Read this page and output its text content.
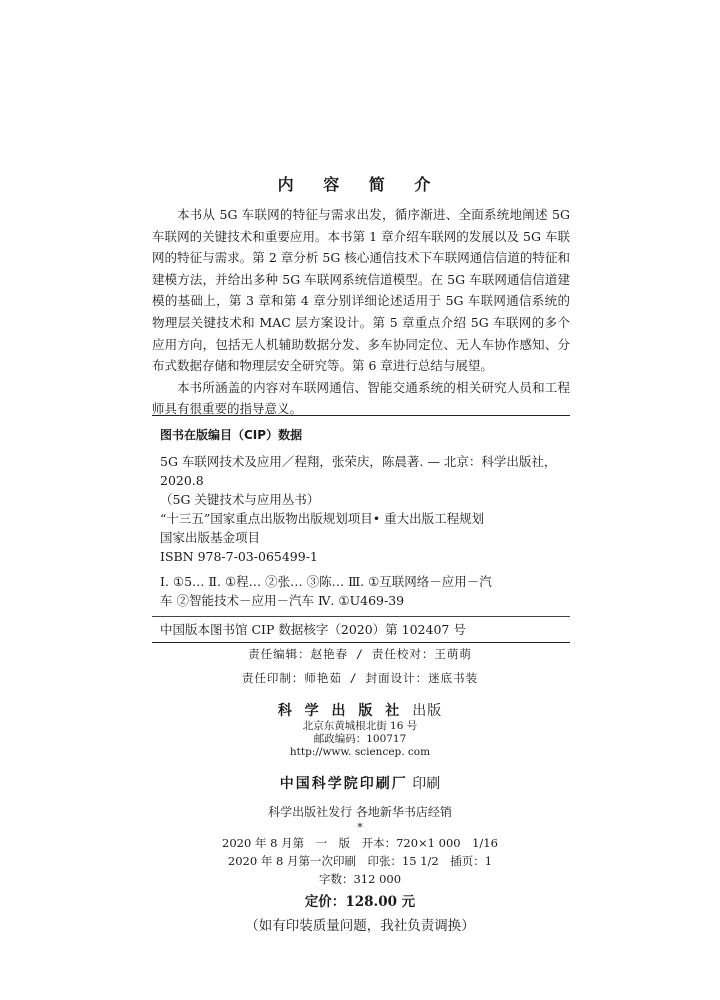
内 容 简 介

本书从 5G 车联网的特征与需求出发，循序渐进、全面系统地阐述 5G 车联网的关键技术和重要应用。本书第 1 章介绍车联网的发展以及 5G 车联网的特征与需求。第 2 章分析 5G 核心通信技术下车联网通信信道的特征和建模方法，并给出多种 5G 车联网系统信道模型。在 5G 车联网通信信道建模的基础上，第 3 章和第 4 章分别详细论述适用于 5G 车联网通信系统的物理层关键技术和 MAC 层方案设计。第 5 章重点介绍 5G 车联网的多个应用方向，包括无人机辅助数据分发、多车协同定位、无人车协作感知、分布式数据存储和物理层安全研究等。第 6 章进行总结与展望。

本书所涵盖的内容对车联网通信、智能交通系统的相关研究人员和工程师具有很重要的指导意义。

图书在版编目（CIP）数据
5G 车联网技术及应用／程翔，张荣庆，陈晨著. — 北京：科学出版社，
2020.8
（5G 关键技术与应用丛书）
“十三五”国家重点出版物出版规划项目• 重大出版工程规划
国家出版基金项目
ISBN 978-7-03-065499-1
Ⅰ. ①5… Ⅱ. ①程… ②张… ③陈… Ⅲ. ①互联网络－应用－汽
车 ②智能技术－应用－汽车 Ⅳ. ①U469-39
中国版本图书馆 CIP 数据核字（2020）第 102407 号
责任编辑：赵艳春 / 责任校对：王萌萌
责任印制：师艳茹 / 封面设计：迷底书装
科 学 出 版 社 出版
北京东黄城根北街 16 号
邮政编码：100717
http://www. sciencep. com
中国科学院印刷厂 印刷
科学出版社发行 各地新华书店经销
*
2020 年 8 月第　一　版　开本：720×1 000　1/16
2020 年 8 月第一次印刷　印张：15 1/2　插页：1
字数：312 000
定价：128.00 元
（如有印装质量问题，我社负责调换）
